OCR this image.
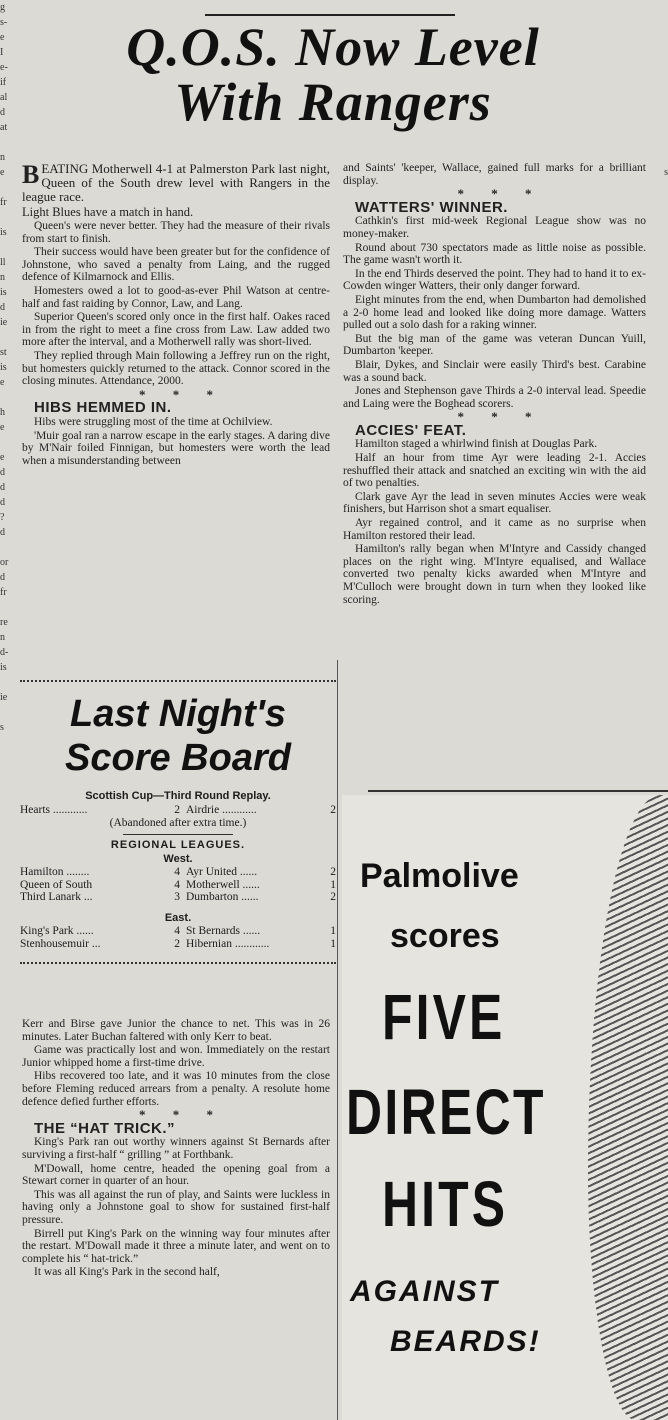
g
s-
e
I
e-
if
al
d
at
n
e
fr
is
ll
n
is
d
ie
st
is
e
h
e
e
d
d
d
?
d
or
d
fr
re
n
d-
is
ie
s
s
Q.O.S. Now Level
With Rangers

BEATING Motherwell 4-1 at Palmerston Park last night, Queen of the South drew level with Rangers in the league race.

Light Blues have a match in hand.

Queen's were never better. They had the measure of their rivals from start to finish.

Their success would have been greater but for the confidence of Johnstone, who saved a penalty from Laing, and the rugged defence of Kilmarnock and Ellis.

Homesters owed a lot to good-as-ever Phil Watson at centre-half and fast raiding by Connor, Law, and Lang.

Superior Queen's scored only once in the first half. Oakes raced in from the right to meet a fine cross from Law. Law added two more after the interval, and a Motherwell rally was short-lived.

They replied through Main following a Jeffrey run on the right, but homesters quickly returned to the attack. Connor scored in the closing minutes. Attendance, 2000.

* * *

HIBS HEMMED IN.

Hibs were struggling most of the time at Ochilview.

'Muir goal ran a narrow escape in the early stages. A daring dive by M'Nair foiled Finnigan, but homesters were worth the lead when a misunderstanding between

Last Night's
Score Board
Scottish Cup—Third Round Replay.
Hearts ............	2 Airdrie ............	2
(Abandoned after extra time.)
REGIONAL LEAGUES.
West.
Hamilton ........	4 Ayr United ......	2
Queen of South	4 Motherwell ......	1
Third Lanark ...	3 Dumbarton ......	2
East.
King's Park ......	4 St Bernards ......	1
Stenhousemuir ...	2 Hibernian ............	1

Kerr and Birse gave Junior the chance to net. This was in 26 minutes. Later Buchan faltered with only Kerr to beat.

Game was practically lost and won. Immediately on the restart Junior whipped home a first-time drive.

Hibs recovered too late, and it was 10 minutes from the close before Fleming reduced arrears from a penalty. A resolute home defence defied further efforts.

* * *

THE “HAT TRICK.”

King's Park ran out worthy winners against St Bernards after surviving a first-half “ grilling ” at Forthbank.

M'Dowall, home centre, headed the opening goal from a Stewart corner in quarter of an hour.

This was all against the run of play, and Saints were luckless in having only a Johnstone goal to show for sustained first-half pressure.

Birrell put King's Park on the winning way four minutes after the restart. M'Dowall made it three a minute later, and went on to complete his “ hat-trick.”

It was all King's Park in the second half,

and Saints' 'keeper, Wallace, gained full marks for a brilliant display.

* * *

WATTERS' WINNER.

Cathkin's first mid-week Regional League show was no money-maker.

Round about 730 spectators made as little noise as possible. The game wasn't worth it.

In the end Thirds deserved the point. They had to hand it to ex-Cowden winger Watters, their only danger forward.

Eight minutes from the end, when Dumbarton had demolished a 2-0 home lead and looked like doing more damage. Watters pulled out a solo dash for a raking winner.

But the big man of the game was veteran Duncan Yuill, Dumbarton 'keeper.

Blair, Dykes, and Sinclair were easily Third's best. Carabine was a sound back.

Jones and Stephenson gave Thirds a 2-0 interval lead. Speedie and Laing were the Boghead scorers.

* * *

ACCIES' FEAT.

Hamilton staged a whirlwind finish at Douglas Park.

Half an hour from time Ayr were leading 2-1. Accies reshuffled their attack and snatched an exciting win with the aid of two penalties.

Clark gave Ayr the lead in seven minutes Accies were weak finishers, but Harrison shot a smart equaliser.

Ayr regained control, and it came as no surprise when Hamilton restored their lead.

Hamilton's rally began when M'Intyre and Cassidy changed places on the right wing. M'Intyre equalised, and Wallace converted two penalty kicks awarded when M'Intyre and M'Culloch were brought down in turn when they looked like scoring.

Palmolive
scores
FIVE
DIRECT
HITS
AGAINST
BEARDS!
